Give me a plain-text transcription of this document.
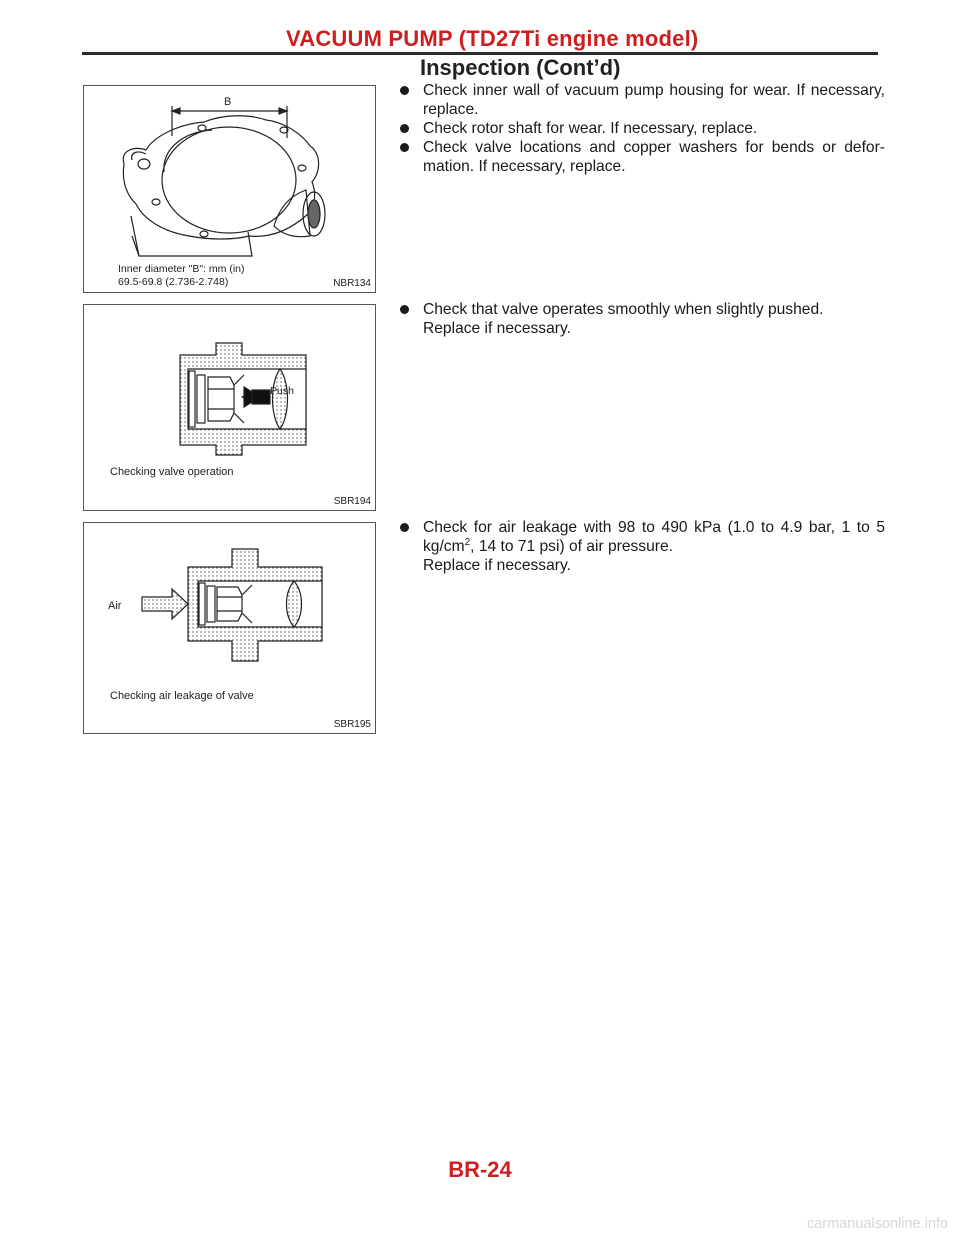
VACUUM PUMP (TD27Ti engine model)
Inspection (Cont’d)
B
Inner diameter "B": mm (in)
69.5-69.8 (2.736-2.748)	NBR134
Push
Checking valve operation
SBR194
Air
Checking air leakage of valve
SBR195
Check inner wall of vacuum pump housing for wear. If necessary, replace.
Check rotor shaft for wear. If necessary, replace.
Check valve locations and copper washers for bends or defor-mation. If necessary, replace.
Check that valve operates smoothly when slightly pushed. Replace if necessary.
Check for air leakage with 98 to 490 kPa (1.0 to 4.9 bar, 1 to 5 $kg/cm^2$, 14 to 71 psi) of air pressure.
Replace if necessary.
BR-24
carmanualsonline.info
